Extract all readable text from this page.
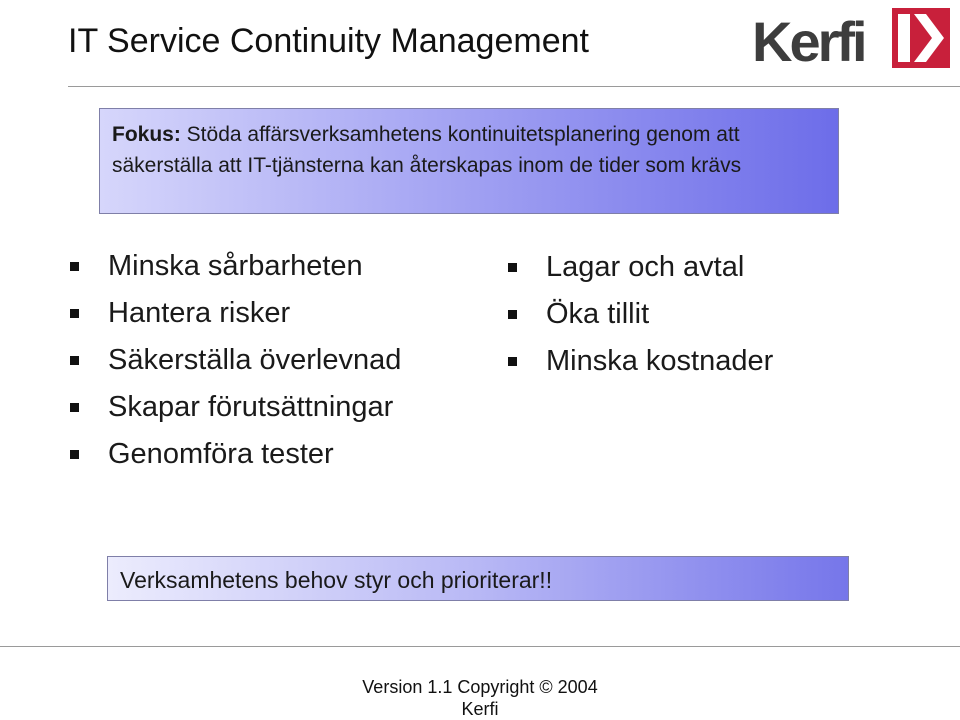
IT Service Continuity Management	Kerfi
Fokus: Stöda affärsverksamhetens kontinuitetsplanering genom att säkerställa att IT-tjänsterna kan återskapas inom de tider som krävs
Minska sårbarheten
Hantera risker
Säkerställa överlevnad
Skapar förutsättningar
Genomföra tester
Lagar och avtal
Öka tillit
Minska kostnader
Verksamhetens behov styr och prioriterar!!
Version 1.1 Copyright © 2004
Kerfi
